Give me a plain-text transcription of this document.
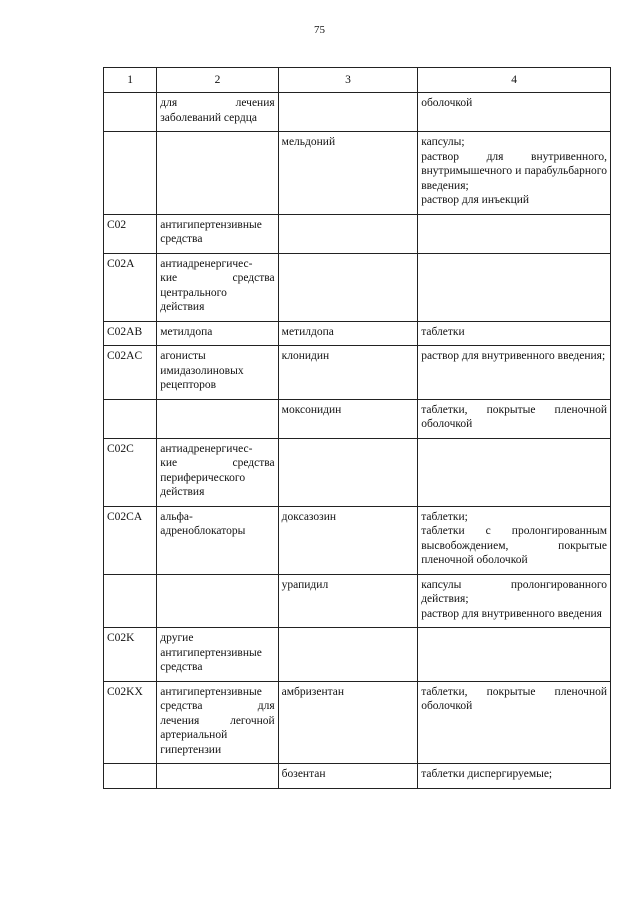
75
1	2	3	4

	для лечения
заболеваний сердца		оболочкой

		мельдоний	капсулы;
раствор для внутривенного, внутримышечного и парабульбарного введения;
раствор для инъекций

C02	антигипертензивные
средства		

C02A	антиадренергичес-
кие средства
центрального
действия		

C02AB	метилдопа	метилдопа	таблетки

C02AC	агонисты
имидазолиновых
рецепторов	клонидин	раствор для внутривенного введения;

		моксонидин	таблетки, покрытые пленочной оболочкой

C02C	антиадренергичес-
кие средства
периферического
действия		

C02CA	альфа-
адреноблокаторы	доксазозин	таблетки;
таблетки с пролонгированным высвобождением, покрытые пленочной оболочкой

		урапидил	капсулы пролонгированного действия;
раствор для внутривенного введения

C02K	другие
антигипертензивные
средства		

C02KX	антигипертензивные
средства для
лечения легочной
артериальной
гипертензии	амбризентан	таблетки, покрытые пленочной оболочкой

		бозентан	таблетки диспергируемые;
